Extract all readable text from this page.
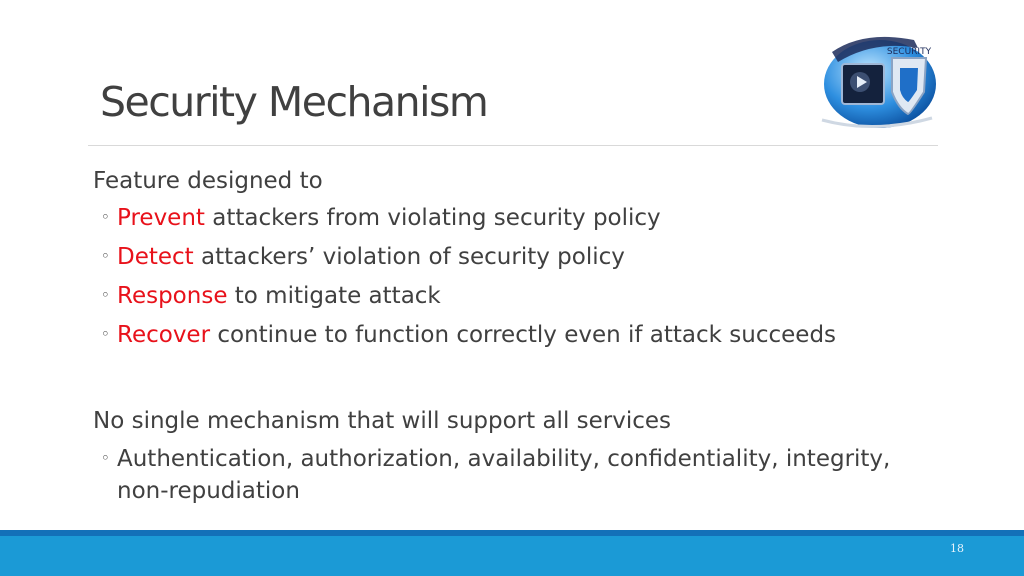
Security Mechanism
SECURITY
Feature designed to
◦ Prevent attackers from violating security policy
◦ Detect attackers’ violation of security policy
◦ Response to mitigate attack
◦ Recover continue to function correctly even if attack succeeds
No single mechanism that will support all services
◦ Authentication, authorization, availability, confidentiality, integrity,
non-repudiation
18
